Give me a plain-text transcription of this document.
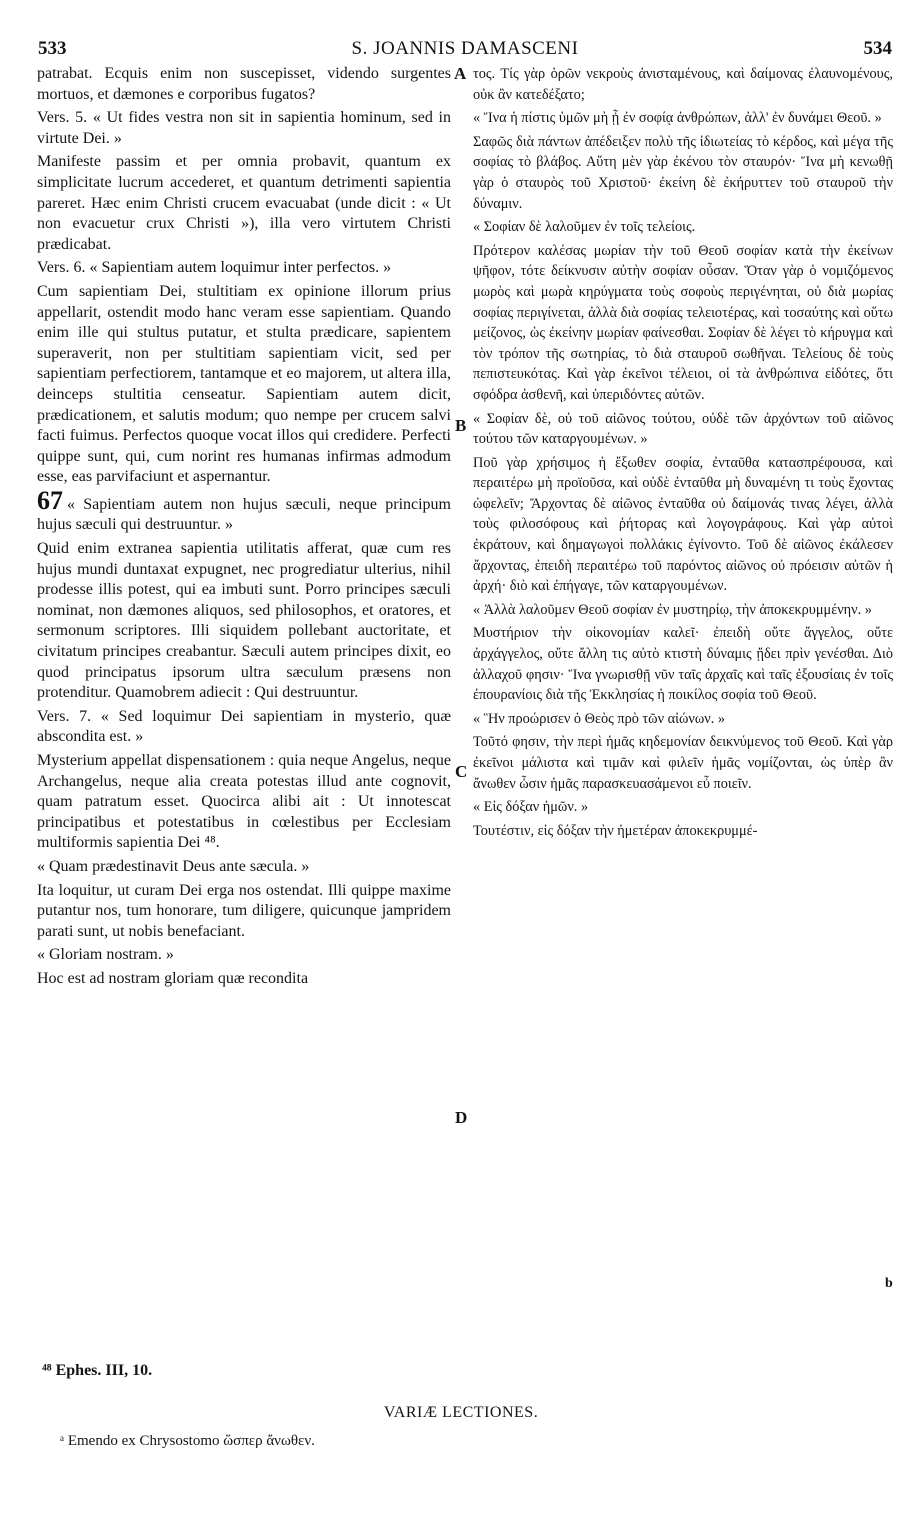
533	S. JOANNIS DAMASCENI	534
A
B
C
D
b

patrabat. Ecquis enim non suscepisset, videndo surgentes mortuos, et dæmones e corporibus fugatos?

Vers. 5. « Ut fides vestra non sit in sapientia hominum, sed in virtute Dei. »

Manifeste passim et per omnia probavit, quantum ex simplicitate lucrum accederet, et quantum detrimenti sapientia pareret. Hæc enim Christi crucem evacuabat (unde dicit : « Ut non evacuetur crux Christi »), illa vero virtutem Christi prædicabat.

Vers. 6. « Sapientiam autem loquimur inter perfectos. »

Cum sapientiam Dei, stultitiam ex opinione illorum prius appellarit, ostendit modo hanc veram esse sapientiam. Quando enim ille qui stultus putatur, et stulta prædicare, sapientem superaverit, non per stultitiam sapientiam vicit, sed per sapientiam perfectiorem, tantamque et eo majorem, ut altera illa, deinceps stultitia censeatur. Sapientiam autem dicit, prædicationem, et salutis modum; quo nempe per crucem salvi facti fuimus. Perfectos quoque vocat illos qui credidere. Perfecti quippe sunt, qui, cum norint res humanas infirmas admodum esse, eas parvifaciunt et aspernantur.

67 « Sapientiam autem non hujus sæculi, neque principum hujus sæculi qui destruuntur. »

Quid enim extranea sapientia utilitatis afferat, quæ cum res hujus mundi duntaxat expugnet, nec progrediatur ulterius, nihil prodesse illis potest, qui ea imbuti sunt. Porro principes sæculi nominat, non dæmones aliquos, sed philosophos, et oratores, et sermonum scriptores. Illi siquidem pollebant auctoritate, et civitatum principes creabantur. Sæculi autem principes dixit, eo quod principatus ipsorum ultra sæculum præsens non protenditur. Quamobrem adiecit : Qui destruuntur.

Vers. 7. « Sed loquimur Dei sapientiam in mysterio, quæ abscondita est. »

Mysterium appellat dispensationem : quia neque Angelus, neque Archangelus, neque alia creata potestas illud ante cognovit, quam patratum esset. Quocirca alibi ait : Ut innotescat principatibus et potestatibus in cœlestibus per Ecclesiam multiformis sapientia Dei ⁴⁸.

« Quam prædestinavit Deus ante sæcula. »

Ita loquitur, ut curam Dei erga nos ostendat. Illi quippe maxime putantur nos, tum honorare, tum diligere, quicunque jampridem parati sunt, ut nobis benefaciant.

« Gloriam nostram. »

Hoc est ad nostram gloriam quæ recondita

τος. Τίς γὰρ ὁρῶν νεκροὺς ἀνισταμένους, καὶ δαίμονας ἐλαυνομένους, οὐκ ἂν κατεδέξατο;

« Ἵνα ἡ πίστις ὑμῶν μὴ ᾖ ἐν σοφίᾳ ἀνθρώπων, ἀλλ' ἐν δυνάμει Θεοῦ. »

Σαφῶς διὰ πάντων ἀπέδειξεν πολὺ τῆς ἰδιωτείας τὸ κέρδος, καὶ μέγα τῆς σοφίας τὸ βλάβος. Αὕτη μὲν γὰρ ἐκένου τὸν σταυρόν· Ἵνα μὴ κενωθῇ γὰρ ὁ σταυρὸς τοῦ Χριστοῦ· ἐκείνη δὲ ἐκήρυττεν τοῦ σταυροῦ τὴν δύναμιν.

« Σοφίαν δὲ λαλοῦμεν ἐν τοῖς τελείοις.

Πρότερον καλέσας μωρίαν τὴν τοῦ Θεοῦ σοφίαν κατὰ τὴν ἐκείνων ψῆφον, τότε δείκνυσιν αὐτὴν σοφίαν οὖσαν. Ὅταν γὰρ ὁ νομιζόμενος μωρὸς καὶ μωρὰ κηρύγματα τοὺς σοφοὺς περιγένηται, οὐ διὰ μωρίας σοφίας περιγίνεται, ἀλλὰ διὰ σοφίας τελειοτέρας, καὶ τοσαύτης καὶ οὕτω μείζονος, ὡς ἐκείνην μωρίαν φαίνεσθαι. Σοφίαν δὲ λέγει τὸ κήρυγμα καὶ τὸν τρόπον τῆς σωτηρίας, τὸ διὰ σταυροῦ σωθῆναι. Τελείους δὲ τοὺς πεπιστευκότας. Καὶ γὰρ ἐκεῖνοι τέλειοι, οἱ τὰ ἀνθρώπινα εἰδότες, ὅτι σφόδρα ἀσθενῆ, καὶ ὑπεριδόντες αὐτῶν.

« Σοφίαν δὲ, οὐ τοῦ αἰῶνος τούτου, οὐδὲ τῶν ἀρχόντων τοῦ αἰῶνος τούτου τῶν καταργουμένων. »

Ποῦ γὰρ χρήσιμος ἡ ἔξωθεν σοφία, ἐνταῦθα κατασπρέφουσα, καὶ περαιτέρω μὴ προϊοῦσα, καὶ οὐδὲ ἐνταῦθα μὴ δυναμένη τι τοὺς ἔχοντας ὠφελεῖν; Ἄρχοντας δὲ αἰῶνος ἐνταῦθα οὐ δαίμονάς τινας λέγει, ἀλλὰ τοὺς φιλοσόφους καὶ ῥήτορας καὶ λογογράφους. Καὶ γὰρ αὐτοὶ ἐκράτουν, καὶ δημαγωγοὶ πολλάκις ἐγίνοντο. Τοῦ δὲ αἰῶνος ἐκάλεσεν ἄρχοντας, ἐπειδὴ περαιτέρω τοῦ παρόντος αἰῶνος οὐ πρόεισιν αὐτῶν ἡ ἀρχή· διὸ καὶ ἐπήγαγε, τῶν καταργουμένων.

« Ἀλλὰ λαλοῦμεν Θεοῦ σοφίαν ἐν μυστηρίῳ, τὴν ἀποκεκρυμμένην. »

Μυστήριον τὴν οἰκονομίαν καλεῖ· ἐπειδὴ οὔτε ἄγγελος, οὔτε ἀρχάγγελος, οὔτε ἄλλη τις αὐτὸ κτιστὴ δύναμις ᾔδει πρὶν γενέσθαι. Διὸ ἀλλαχοῦ φησιν· Ἵνα γνωρισθῇ νῦν ταῖς ἀρχαῖς καὶ ταῖς ἐξουσίαις ἐν τοῖς ἐπουρανίοις διὰ τῆς Ἐκκλησίας ἡ ποικίλος σοφία τοῦ Θεοῦ.

« Ἣν προώρισεν ὁ Θεὸς πρὸ τῶν αἰώνων. »

Τοῦτό φησιν, τὴν περὶ ἡμᾶς κηδεμονίαν δεικνύμενος τοῦ Θεοῦ. Καὶ γὰρ ἐκεῖνοι μάλιστα καὶ τιμᾶν καὶ φιλεῖν ἡμᾶς νομίζονται, ὡς ὑπὲρ ἂν ἄνωθεν ὦσιν ἡμᾶς παρασκευασάμενοι εὖ ποιεῖν.

« Εἰς δόξαν ἡμῶν. »

Τουτέστιν, εἰς δόξαν τὴν ἡμετέραν ἀποκεκρυμμέ-

⁴⁸ Ephes. III, 10.
VARIÆ LECTIONES.
ᵃ Emendo ex Chrysostomo ὥσπερ ἄνωθεν.
